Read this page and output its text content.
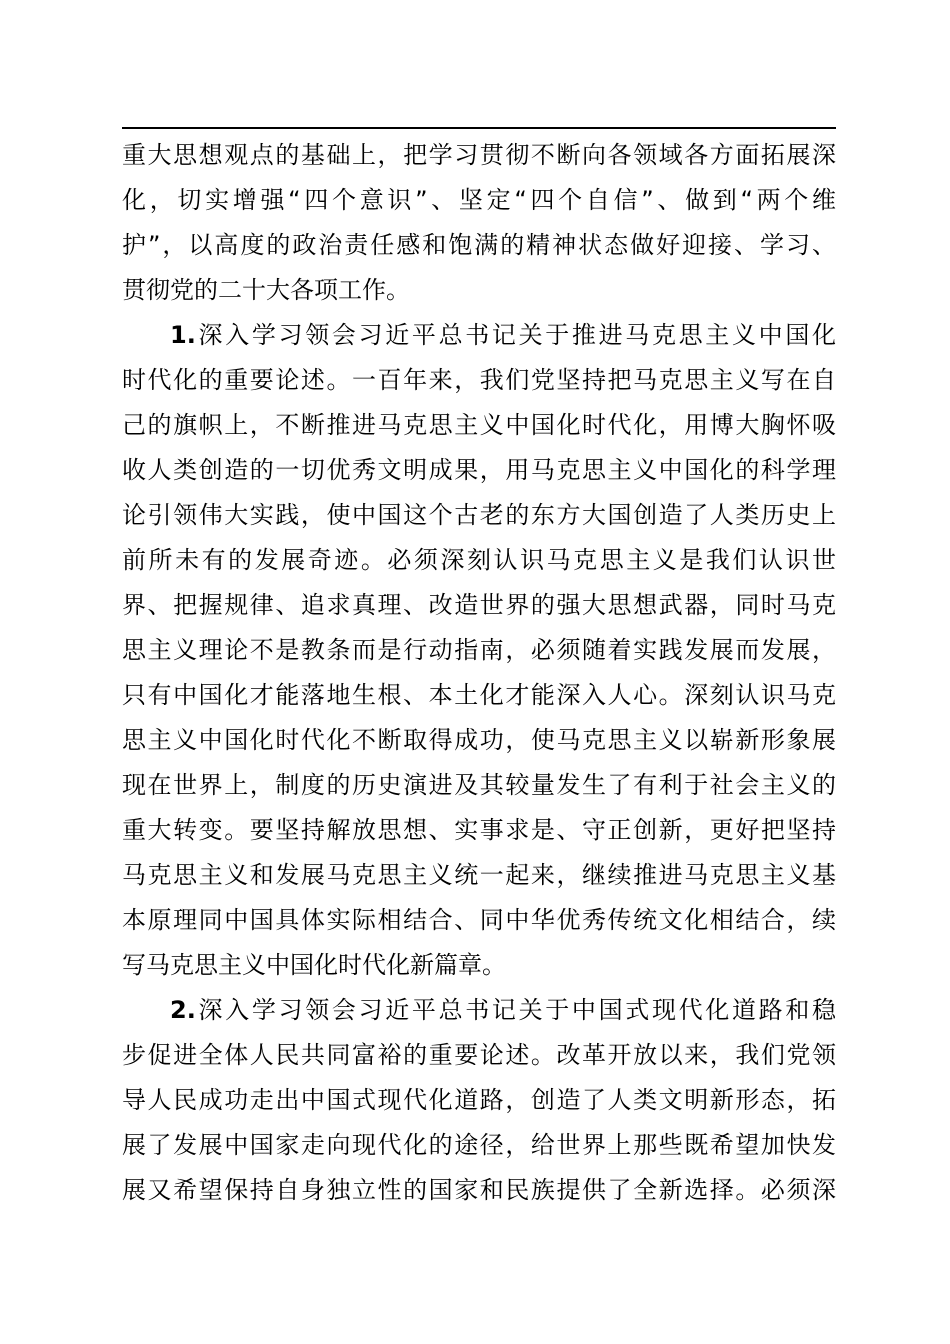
重大思想观点的基础上，把学习贯彻不断向各领域各方面拓展深
化，切实增强“四个意识”、坚定“四个自信”、做到“两个维
护”，以高度的政治责任感和饱满的精神状态做好迎接、学习、
贯彻党的二十大各项工作。
1.深入学习领会习近平总书记关于推进马克思主义中国化
时代化的重要论述。一百年来，我们党坚持把马克思主义写在自
己的旗帜上，不断推进马克思主义中国化时代化，用博大胸怀吸
收人类创造的一切优秀文明成果，用马克思主义中国化的科学理
论引领伟大实践，使中国这个古老的东方大国创造了人类历史上
前所未有的发展奇迹。必须深刻认识马克思主义是我们认识世
界、把握规律、追求真理、改造世界的强大思想武器，同时马克
思主义理论不是教条而是行动指南，必须随着实践发展而发展，
只有中国化才能落地生根、本土化才能深入人心。深刻认识马克
思主义中国化时代化不断取得成功，使马克思主义以崭新形象展
现在世界上，制度的历史演进及其较量发生了有利于社会主义的
重大转变。要坚持解放思想、实事求是、守正创新，更好把坚持
马克思主义和发展马克思主义统一起来，继续推进马克思主义基
本原理同中国具体实际相结合、同中华优秀传统文化相结合，续
写马克思主义中国化时代化新篇章。
2.深入学习领会习近平总书记关于中国式现代化道路和稳
步促进全体人民共同富裕的重要论述。改革开放以来，我们党领
导人民成功走出中国式现代化道路，创造了人类文明新形态，拓
展了发展中国家走向现代化的途径，给世界上那些既希望加快发
展又希望保持自身独立性的国家和民族提供了全新选择。必须深
